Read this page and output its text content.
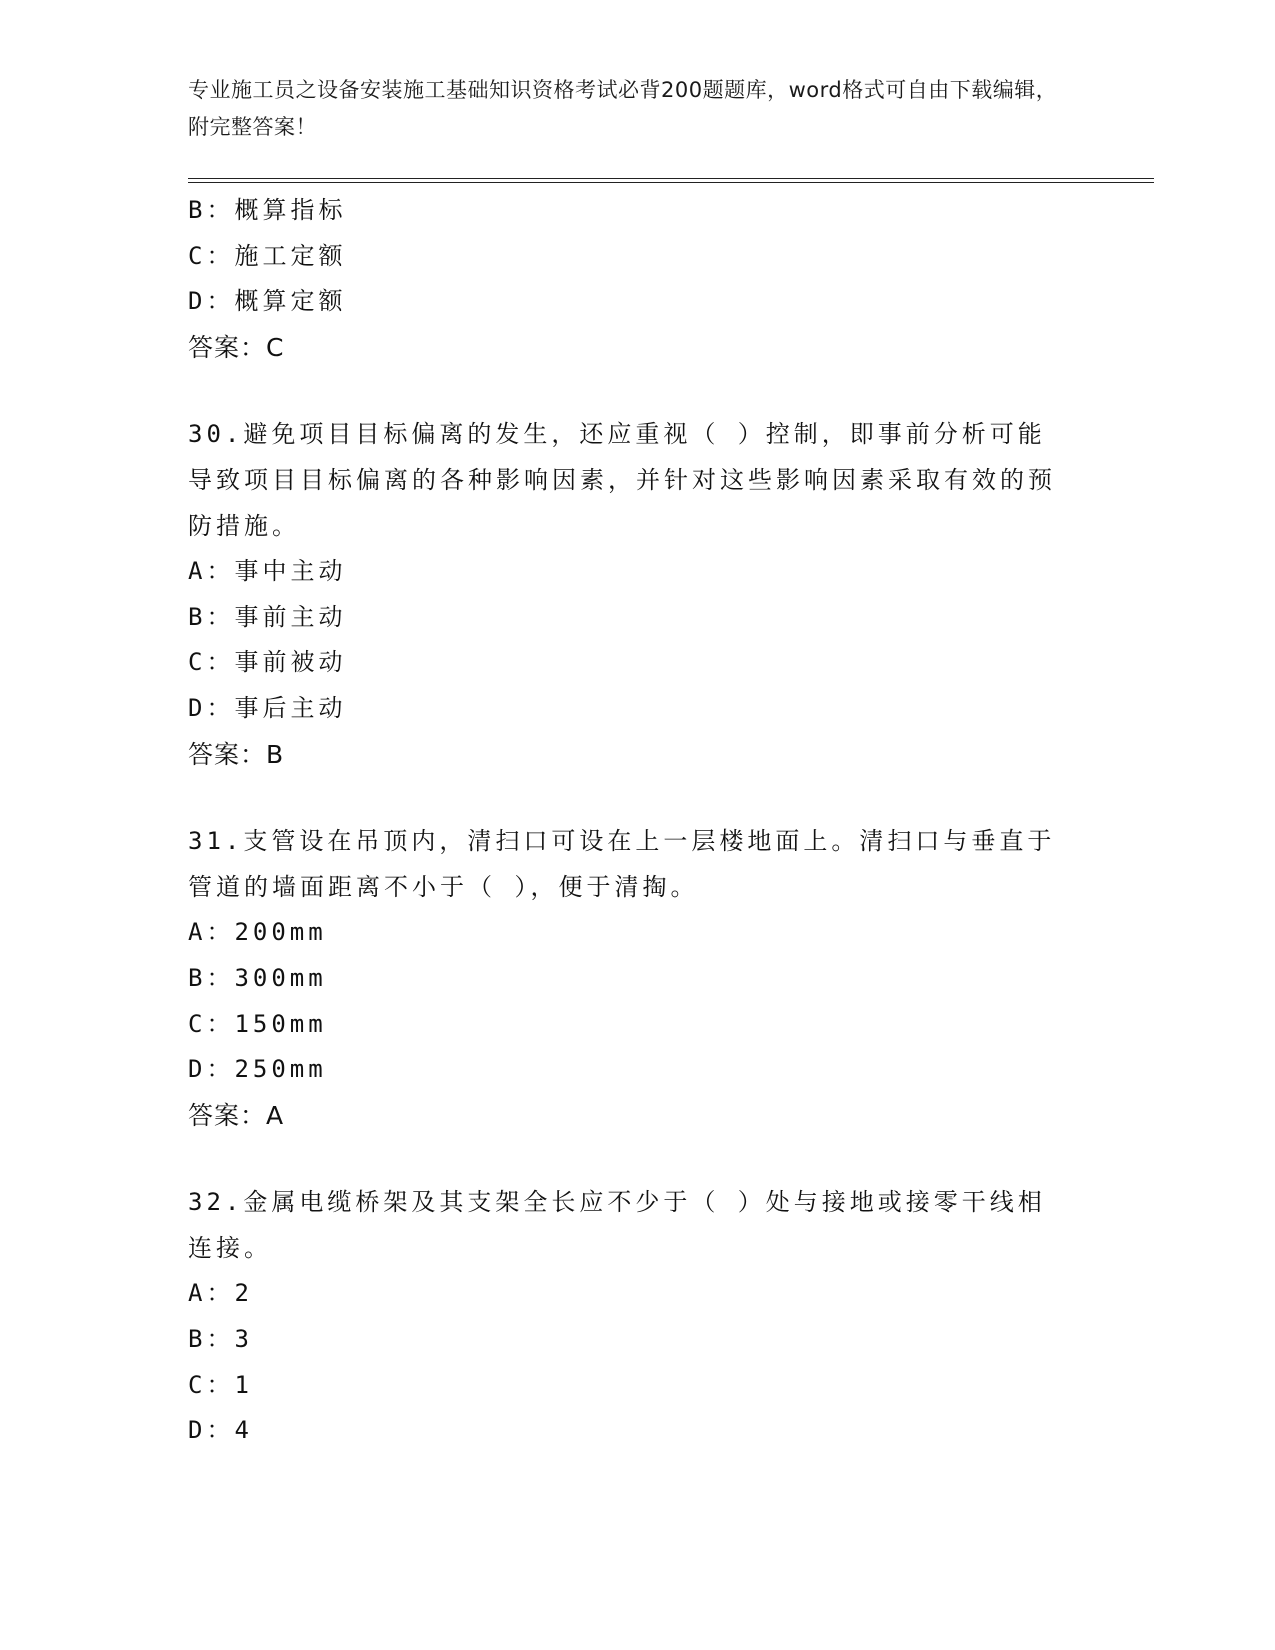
专业施工员之设备安装施工基础知识资格考试必背200题题库，word格式可自由下载编辑，附完整答案！
B：概算指标
C：施工定额
D：概算定额
答案：C
30.避免项目目标偏离的发生，还应重视（ ）控制，即事前分析可能导致项目目标偏离的各种影响因素，并针对这些影响因素采取有效的预防措施。
A：事中主动
B：事前主动
C：事前被动
D：事后主动
答案：B
31.支管设在吊顶内，清扫口可设在上一层楼地面上。清扫口与垂直于管道的墙面距离不小于（ ），便于清掏。
A：200mm
B：300mm
C：150mm
D：250mm
答案：A
32.金属电缆桥架及其支架全长应不少于（ ）处与接地或接零干线相连接。
A：2
B：3
C：1
D：4
